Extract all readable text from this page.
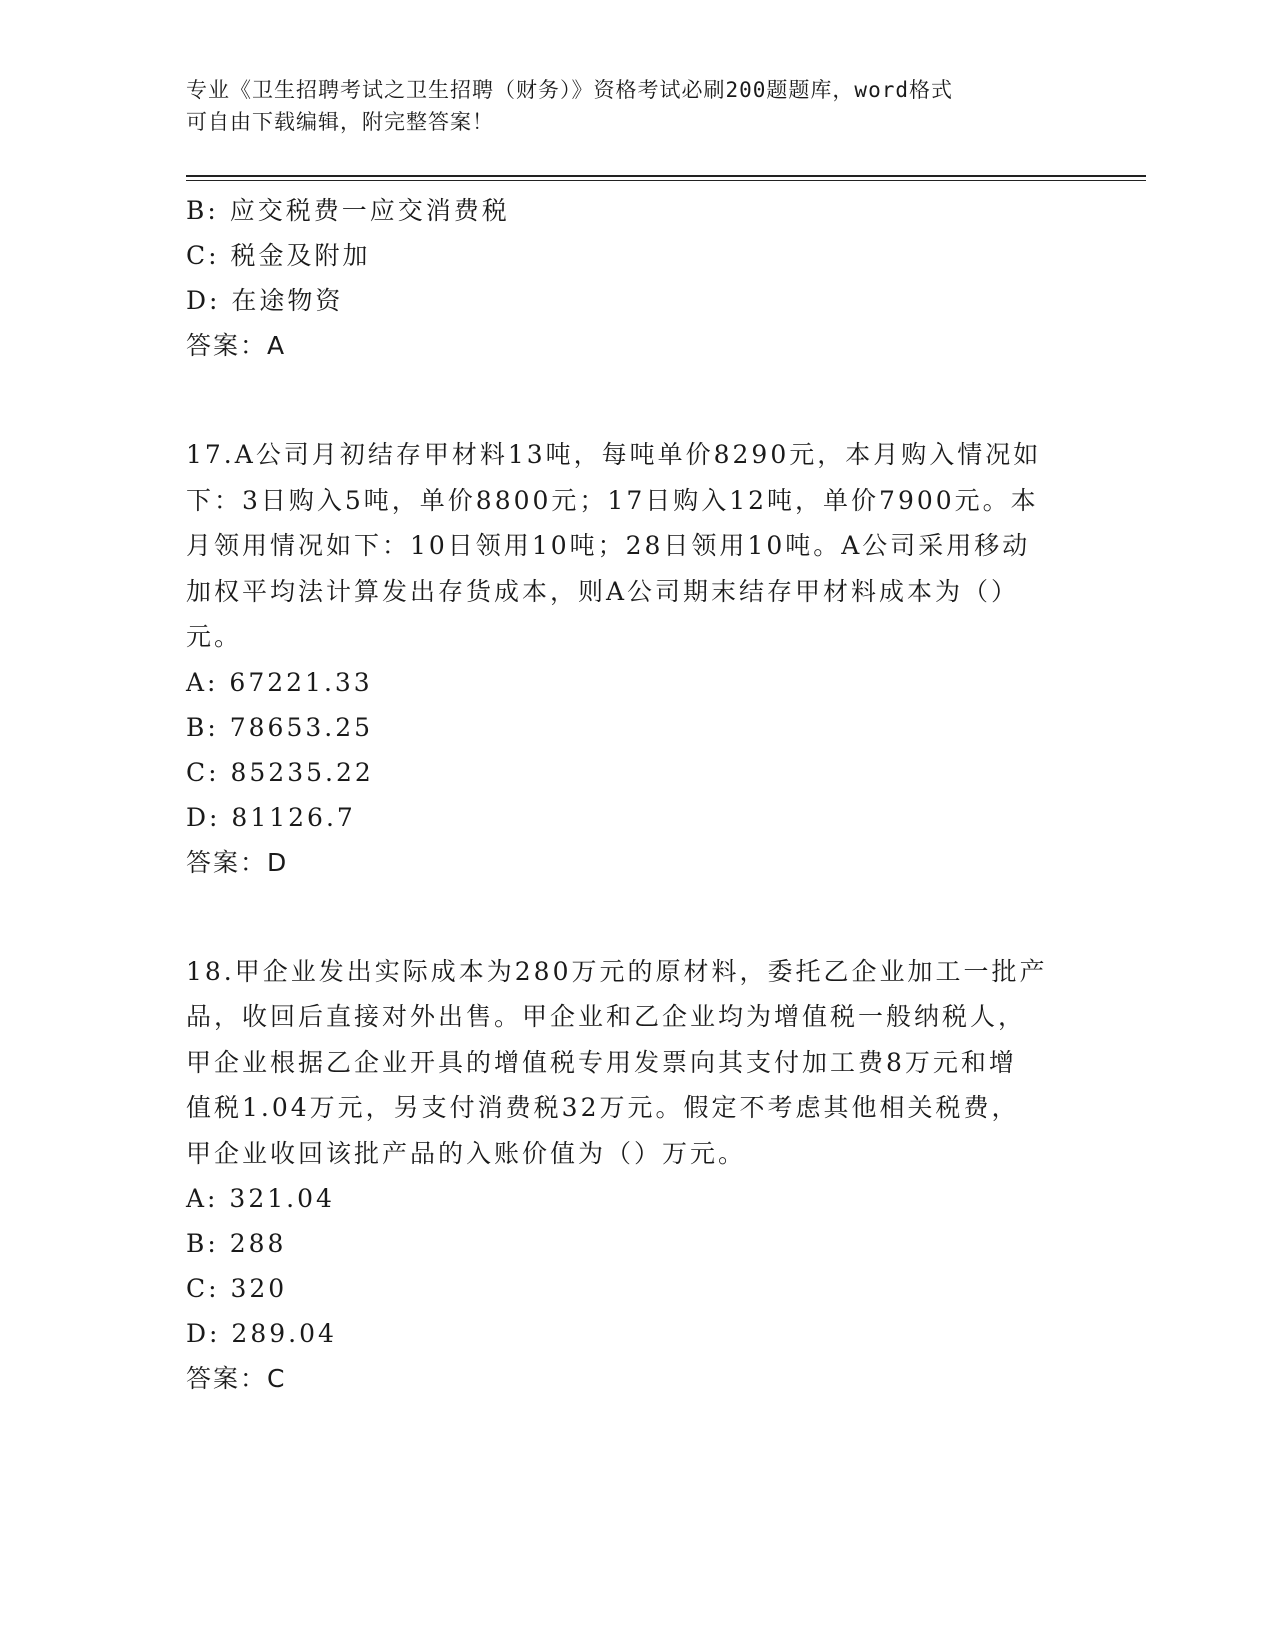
专业《卫生招聘考试之卫生招聘（财务）》资格考试必刷200题题库，word格式
可自由下载编辑，附完整答案！
B: 应交税费一应交消费税
C: 税金及附加
D: 在途物资
答案：A
17.A公司月初结存甲材料13吨，每吨单价8290元，本月购入情况如
下：3日购入5吨，单价8800元；17日购入12吨，单价7900元。本
月领用情况如下：10日领用10吨；28日领用10吨。A公司采用移动
加权平均法计算发出存货成本，则A公司期末结存甲材料成本为（）
元。
A: 67221.33
B: 78653.25
C: 85235.22
D: 81126.7
答案：D
18.甲企业发出实际成本为280万元的原材料，委托乙企业加工一批产
品，收回后直接对外出售。甲企业和乙企业均为增值税一般纳税人，
甲企业根据乙企业开具的增值税专用发票向其支付加工费8万元和增
值税1.04万元，另支付消费税32万元。假定不考虑其他相关税费，
甲企业收回该批产品的入账价值为（）万元。
A: 321.04
B: 288
C: 320
D: 289.04
答案：C
